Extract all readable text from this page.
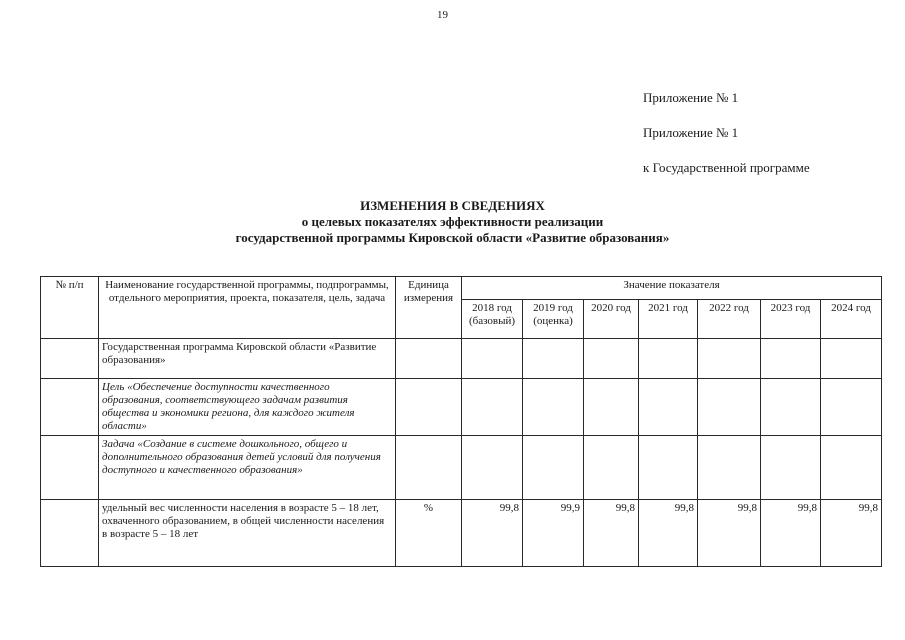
19
Приложение № 1
Приложение № 1
к Государственной программе
ИЗМЕНЕНИЯ В СВЕДЕНИЯХ
о целевых показателях эффективности реализации
государственной программы Кировской области «Развитие образования»
№ п/п	Наименование государственной программы, подпрограммы, отдельного мероприятия, проекта, показателя, цель, задача	Единица измерения	Значение показателя						
			2018 год (базовый)	2019 год (оценка)	2020 год	2021 год	2022 год	2023 год	2024 год
	Государственная программа Кировской области «Развитие образования»								
	Цель «Обеспечение доступности качественного образования, соответствующего задачам развития общества и экономики региона, для каждого жителя области»								
	Задача «Создание в системе дошкольного, общего и дополнительного образования детей условий для получения доступного и качественного образования»								
	удельный вес численности населения в возрасте 5 – 18 лет, охваченного образованием, в общей численности населения в возрасте 5 – 18 лет	%	99,8	99,9	99,8	99,8	99,8	99,8	99,8
